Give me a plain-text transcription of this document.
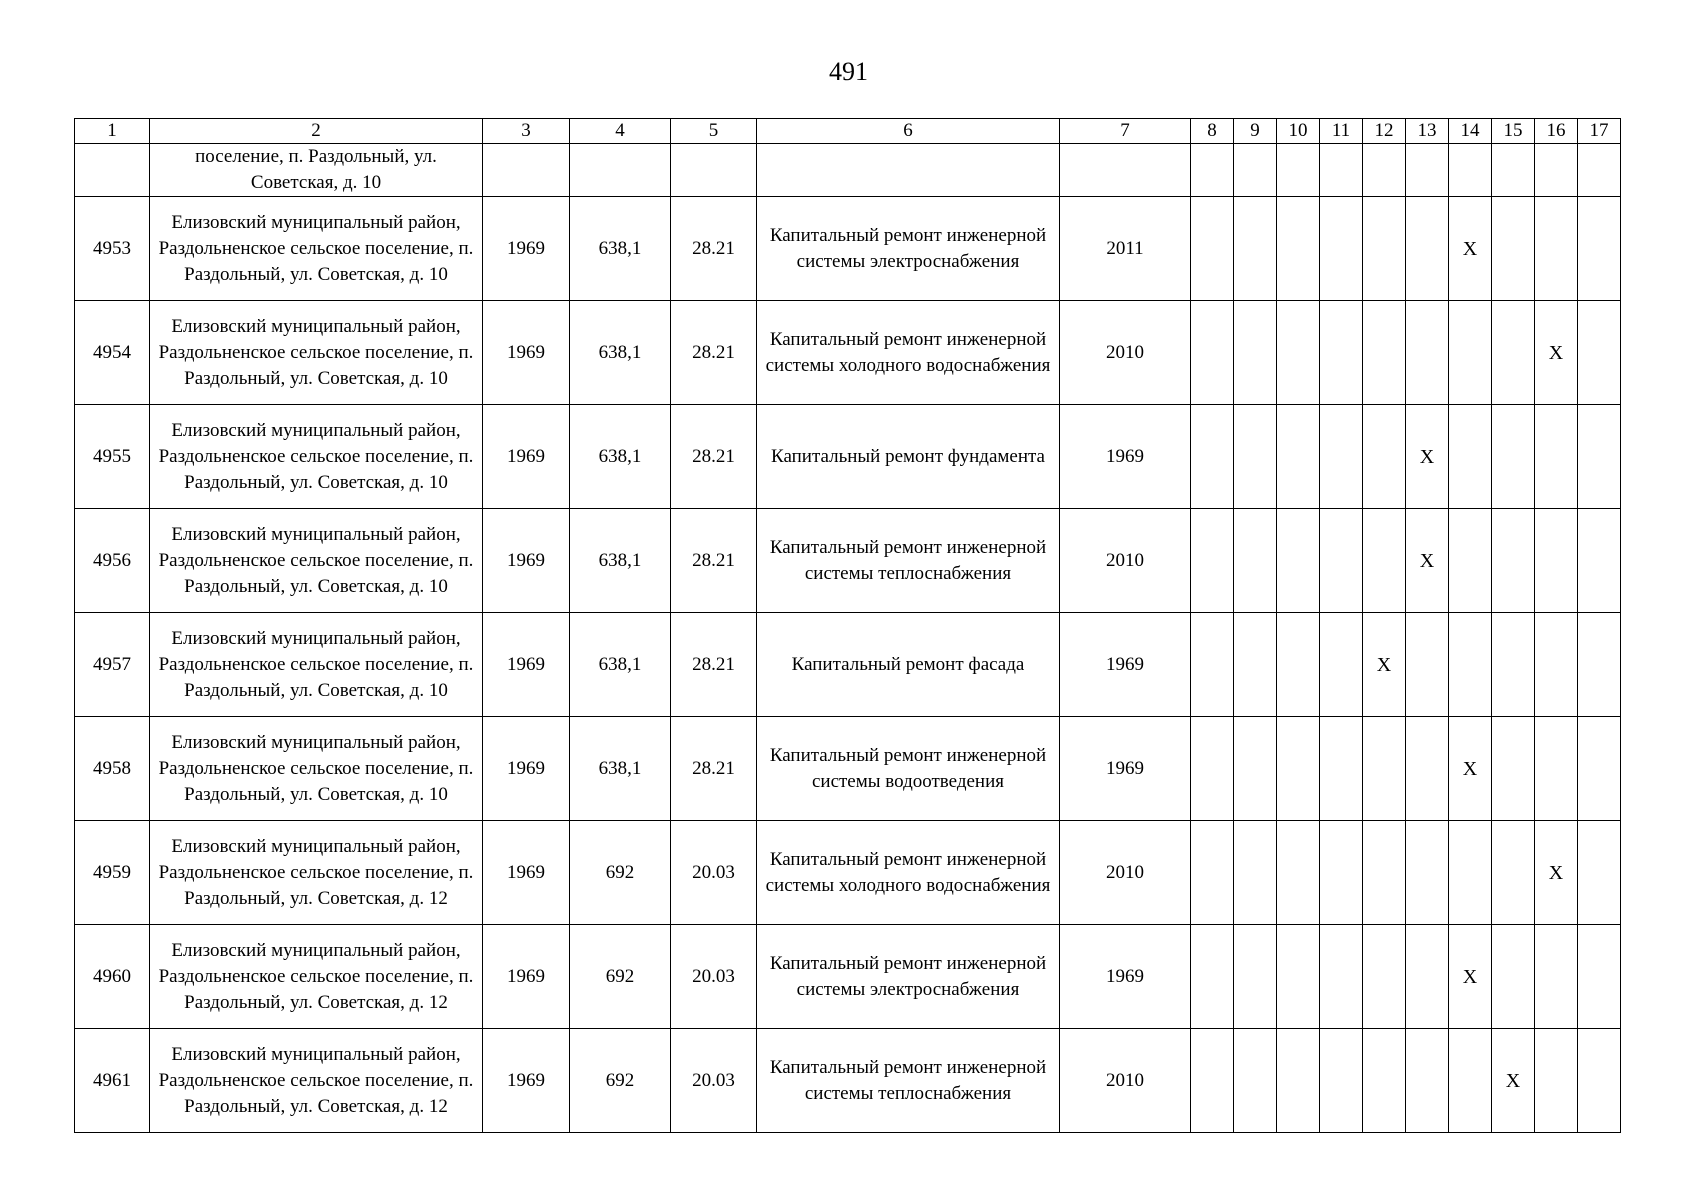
491
1	2	3	4	5	6	7	8	9	10	11	12	13	14	15	16	17
	поселение, п. Раздольный, ул. Советская, д. 10															
4953	Елизовский муниципальный район, Раздольненское сельское поселение, п. Раздольный, ул. Советская, д. 10	1969	638,1	28.21	Капитальный ремонт инженерной системы электроснабжения	2011							X			
4954	Елизовский муниципальный район, Раздольненское сельское поселение, п. Раздольный, ул. Советская, д. 10	1969	638,1	28.21	Капитальный ремонт инженерной системы холодного водоснабжения	2010									X	
4955	Елизовский муниципальный район, Раздольненское сельское поселение, п. Раздольный, ул. Советская, д. 10	1969	638,1	28.21	Капитальный ремонт фундамента	1969						X				
4956	Елизовский муниципальный район, Раздольненское сельское поселение, п. Раздольный, ул. Советская, д. 10	1969	638,1	28.21	Капитальный ремонт инженерной системы теплоснабжения	2010						X				
4957	Елизовский муниципальный район, Раздольненское сельское поселение, п. Раздольный, ул. Советская, д. 10	1969	638,1	28.21	Капитальный ремонт фасада	1969					X					
4958	Елизовский муниципальный район, Раздольненское сельское поселение, п. Раздольный, ул. Советская, д. 10	1969	638,1	28.21	Капитальный ремонт инженерной системы водоотведения	1969							X			
4959	Елизовский муниципальный район, Раздольненское сельское поселение, п. Раздольный, ул. Советская, д. 12	1969	692	20.03	Капитальный ремонт инженерной системы холодного водоснабжения	2010									X	
4960	Елизовский муниципальный район, Раздольненское сельское поселение, п. Раздольный, ул. Советская, д. 12	1969	692	20.03	Капитальный ремонт инженерной системы электроснабжения	1969							X			
4961	Елизовский муниципальный район, Раздольненское сельское поселение, п. Раздольный, ул. Советская, д. 12	1969	692	20.03	Капитальный ремонт инженерной системы теплоснабжения	2010								X		
